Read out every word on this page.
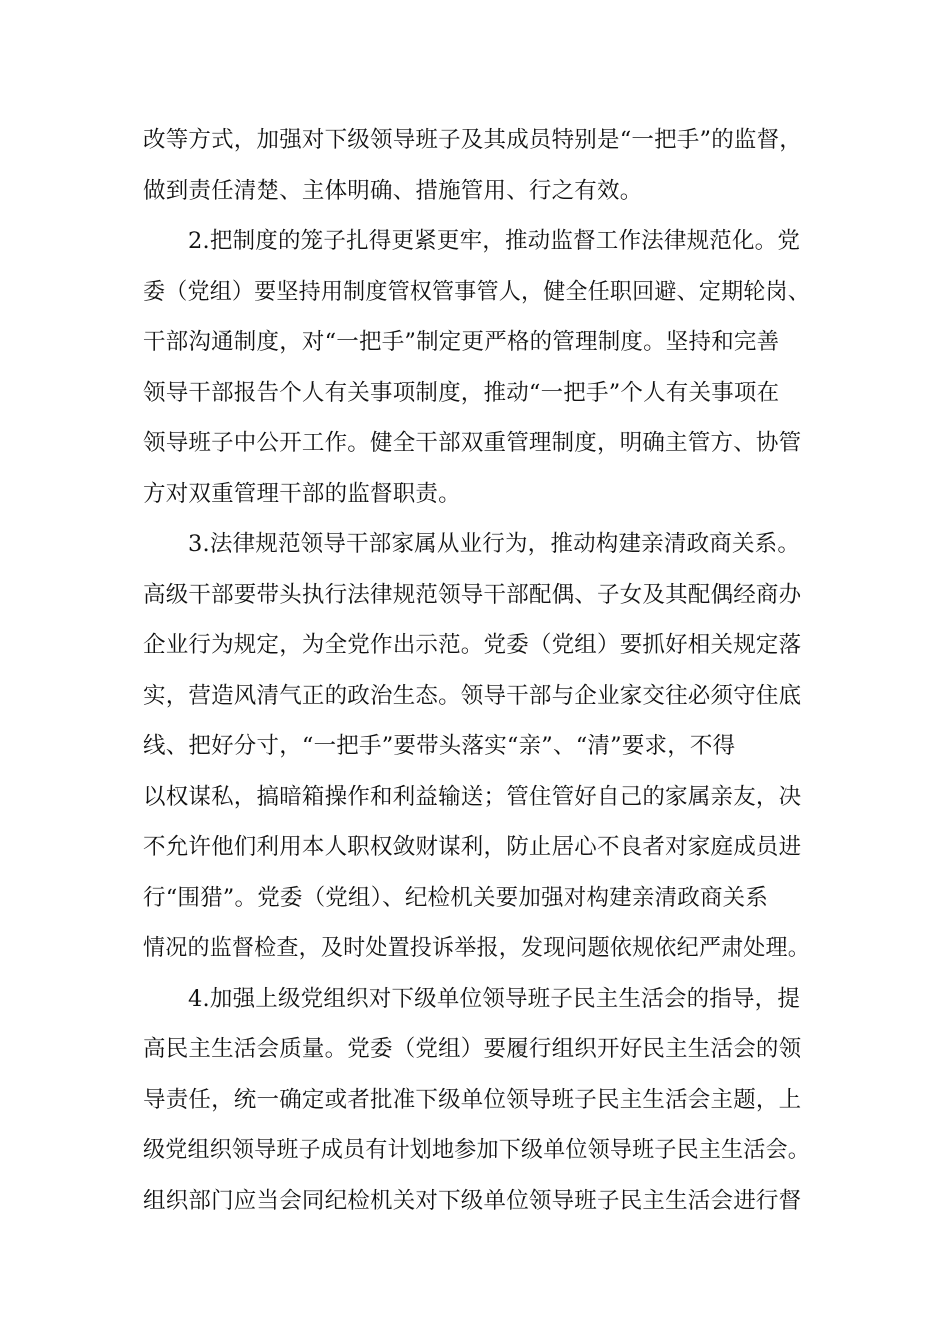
改等方式，加强对下级领导班子及其成员特别是“一把手”的监督，
做到责任清楚、主体明确、措施管用、行之有效。
2.把制度的笼子扎得更紧更牢，推动监督工作法律规范化。党
委（党组）要坚持用制度管权管事管人，健全任职回避、定期轮岗、
干部沟通制度，对“一把手”制定更严格的管理制度。坚持和完善
领导干部报告个人有关事项制度，推动“一把手”个人有关事项在
领导班子中公开工作。健全干部双重管理制度，明确主管方、协管
方对双重管理干部的监督职责。
3.法律规范领导干部家属从业行为，推动构建亲清政商关系。
高级干部要带头执行法律规范领导干部配偶、子女及其配偶经商办
企业行为规定，为全党作出示范。党委（党组）要抓好相关规定落
实，营造风清气正的政治生态。领导干部与企业家交往必须守住底
线、把好分寸，“一把手”要带头落实“亲”、“清”要求，不得
以权谋私，搞暗箱操作和利益输送；管住管好自己的家属亲友，决
不允许他们利用本人职权敛财谋利，防止居心不良者对家庭成员进
行“围猎”。党委（党组）、纪检机关要加强对构建亲清政商关系
情况的监督检查，及时处置投诉举报，发现问题依规依纪严肃处理。
4.加强上级党组织对下级单位领导班子民主生活会的指导，提
高民主生活会质量。党委（党组）要履行组织开好民主生活会的领
导责任，统一确定或者批准下级单位领导班子民主生活会主题，上
级党组织领导班子成员有计划地参加下级单位领导班子民主生活会。
组织部门应当会同纪检机关对下级单位领导班子民主生活会进行督
